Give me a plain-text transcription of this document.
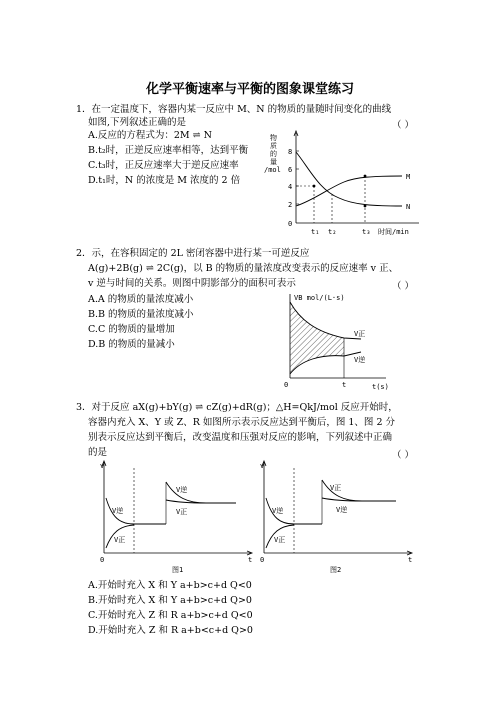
化学平衡速率与平衡的图象课堂练习
1．在一定温度下，容器内某一反应中 M、N 的物质的量随时间变化的曲线
如图,下列叙述正确的是	（ ）
A.反应的方程式为：2M ⇌ N
B.t₂时，正逆反应速率相等，达到平衡
C.t₃时，正反应速率大于逆反应速率
D.t₁时，N 的浓度是 M 浓度的 2 倍
物
质
的
量
/mol
8
6
4
2
0
M
N
t₁ t₂	t₃ 时间/min
2．示，在容积固定的 2L 密闭容器中进行某一可逆反应
A(g)+2B(g) ⇌ 2C(g)，以 B 的物质的量浓度改变表示的反应速率 v 正、
v 逆与时间的关系。则图中阴影部分的面积可表示	（ ）
A.A 的物质的量浓度减小
B.B 的物质的量浓度减小
C.C 的物质的量增加
D.B 的物质的量减小
VB mol/(L·s)
V正
V逆
0	t	t(s)
3．对于反应 aX(g)+bY(g) ⇌ cZ(g)+dR(g)；△H=QkJ/mol 反应开始时，
容器内充入 X、Y 或 Z、R 如图所示表示反应达到平衡后，图 1、图 2 分
别表示反应达到平衡后，改变温度和压强对反应的影响，下列叙述中正确
的是	（ ）
v
V逆
V正
V逆
V正
0	t
图1
v
V正
V逆
V逆
V正
0	t
图2
A.开始时充入 X 和 Y a+b>c+d Q<0
B.开始时充入 X 和 Y a+b>c+d Q>0
C.开始时充入 Z 和 R a+b>c+d Q<0
D.开始时充入 Z 和 R a+b<c+d Q>0
